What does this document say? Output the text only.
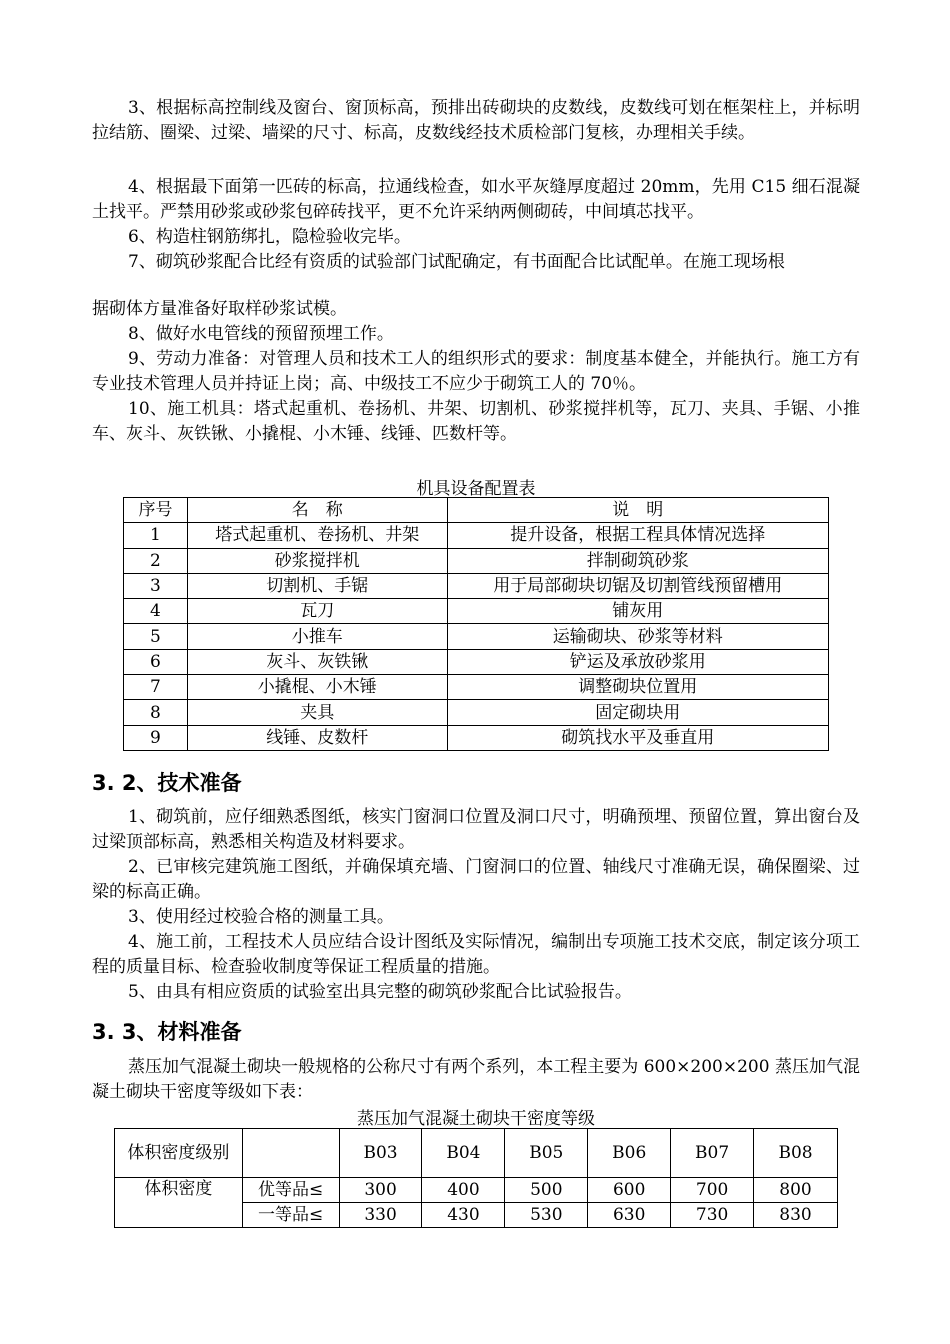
3、根据标高控制线及窗台、窗顶标高，预排出砖砌块的皮数线，皮数线可划在框架柱上，并标明拉结筋、圈梁、过梁、墙梁的尺寸、标高，皮数线经技术质检部门复核，办理相关手续。

4、根据最下面第一匹砖的标高，拉通线检查，如水平灰缝厚度超过 20mm，先用 C15 细石混凝土找平。严禁用砂浆或砂浆包碎砖找平，更不允许采纳两侧砌砖，中间填芯找平。

6、构造柱钢筋绑扎，隐检验收完毕。

7、砌筑砂浆配合比经有资质的试验部门试配确定，有书面配合比试配单。在施工现场根

据砌体方量准备好取样砂浆试模。

8、做好水电管线的预留预埋工作。

9、劳动力准备：对管理人员和技术工人的组织形式的要求：制度基本健全，并能执行。施工方有专业技术管理人员并持证上岗；高、中级技工不应少于砌筑工人的 70％。

10、施工机具：塔式起重机、卷扬机、井架、切割机、砂浆搅拌机等，瓦刀、夹具、手锯、小推车、灰斗、灰铁锹、小撬棍、小木锤、线锤、匹数杆等。

机具设备配置表

序号	名　称	说　明
1	塔式起重机、卷扬机、井架	提升设备，根据工程具体情况选择
2	砂浆搅拌机	拌制砌筑砂浆
3	切割机、手锯	用于局部砌块切锯及切割管线预留槽用
4	瓦刀	铺灰用
5	小推车	运输砌块、砂浆等材料
6	灰斗、灰铁锹	铲运及承放砂浆用
7	小撬棍、小木锤	调整砌块位置用
8	夹具	固定砌块用
9	线锤、皮数杆	砌筑找水平及垂直用

3. 2、技术准备

1、砌筑前，应仔细熟悉图纸，核实门窗洞口位置及洞口尺寸，明确预埋、预留位置，算出窗台及过梁顶部标高，熟悉相关构造及材料要求。

2、已审核完建筑施工图纸，并确保填充墙、门窗洞口的位置、轴线尺寸准确无误，确保圈梁、过梁的标高正确。

3、使用经过校验合格的测量工具。

4、施工前，工程技术人员应结合设计图纸及实际情况，编制出专项施工技术交底，制定该分项工程的质量目标、检查验收制度等保证工程质量的措施。

5、由具有相应资质的试验室出具完整的砌筑砂浆配合比试验报告。

3. 3、材料准备

蒸压加气混凝土砌块一般规格的公称尺寸有两个系列，本工程主要为 600×200×200 蒸压加气混凝土砌块干密度等级如下表：

蒸压加气混凝土砌块干密度等级

体积密度级别		B03	B04	B05	B06	B07	B08
体积密度	优等品≤	300	400	500	600	700	800
	一等品≤	330	430	530	630	730	830
